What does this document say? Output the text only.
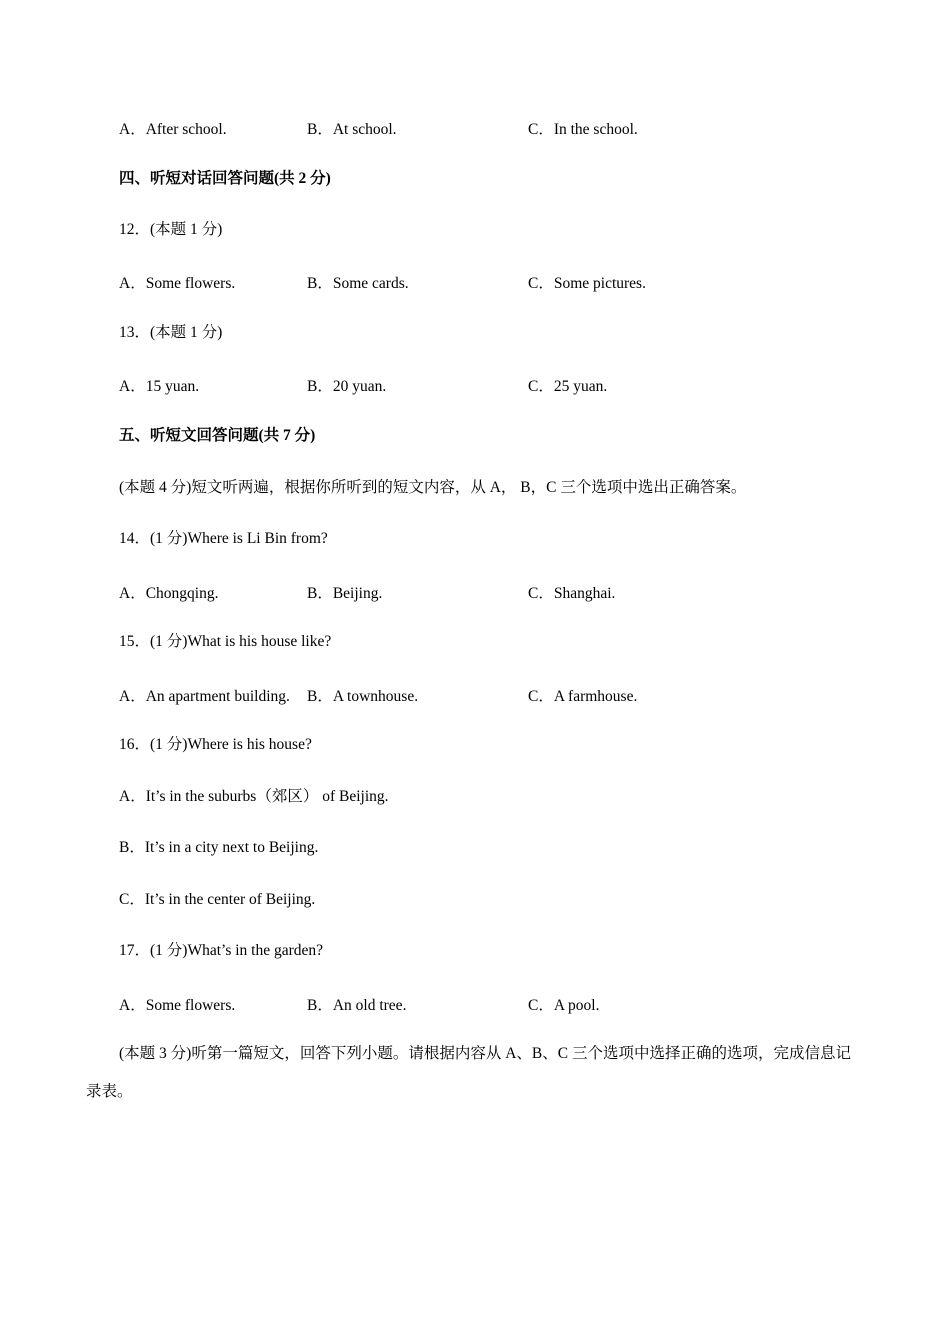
A．After school.	B．At school.	C．In the school.
四、听短对话回答问题(共 2 分)
12．(本题 1 分)
A．Some flowers.	B．Some cards.	C．Some pictures.
13．(本题 1 分)
A．15 yuan.	B．20 yuan.	C．25 yuan.
五、听短文回答问题(共 7 分)
(本题 4 分)短文听两遍，根据你所听到的短文内容，从 A， B，C 三个选项中选出正确答案。
14．(1 分)Where is Li Bin from?
A．Chongqing.	B．Beijing.	C．Shanghai.
15．(1 分)What is his house like?
A．An apartment building. B．A townhouse.	C．A farmhouse.
16．(1 分)Where is his house?
A．It’s in the suburbs（郊区） of Beijing.
B．It’s in a city next to Beijing.
C．It’s in the center of Beijing.
17．(1 分)What’s in the garden?
A．Some flowers.	B．An old tree.	C．A pool.
(本题 3 分)听第一篇短文，回答下列小题。请根据内容从 A、B、C 三个选项中选择正确的选项，完成信息记录表。
